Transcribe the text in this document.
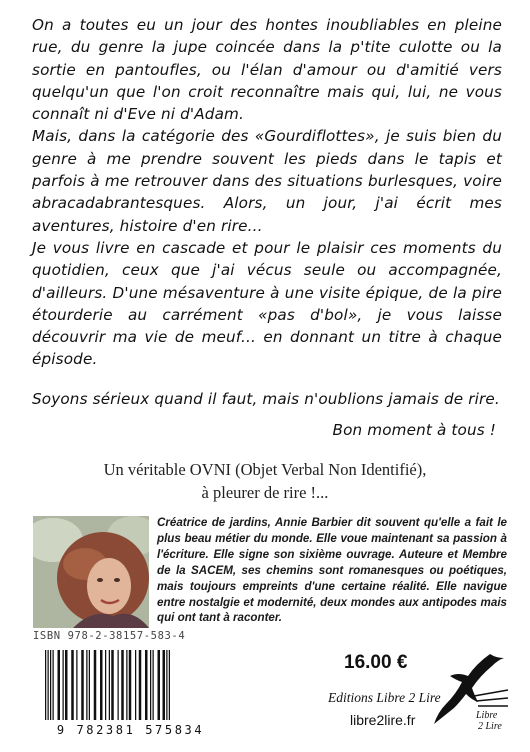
On a toutes eu un jour des hontes inoubliables en pleine rue, du genre la jupe coincée dans la p'tite culotte ou la sortie en pantoufles, ou l'élan d'amour ou d'amitié vers quelqu'un que l'on croit reconnaître mais qui, lui, ne vous connaît ni d'Eve ni d'Adam.

Mais, dans la catégorie des «Gourdiflottes», je suis bien du genre à me prendre souvent les pieds dans le tapis et parfois à me retrouver dans des situations burlesques, voire abracadabrantesques. Alors, un jour, j'ai écrit mes aventures, histoire d'en rire...

Je vous livre en cascade et pour le plaisir ces moments du quotidien, ceux que j'ai vécus seule ou accompagnée, d'ailleurs. D'une mésaventure à une visite épique, de la pire étourderie au carrément «pas d'bol», je vous laisse découvrir ma vie de meuf... en donnant un titre à chaque épisode.

Soyons sérieux quand il faut, mais n'oublions jamais de rire.

Bon moment à tous !

Un véritable OVNI (Objet Verbal Non Identifié),
à pleurer de rire !...
Créatrice de jardins, Annie Barbier dit souvent qu'elle a fait le plus beau métier du monde. Elle voue maintenant sa passion à l'écriture. Elle signe son sixième ouvrage. Auteure et Membre de la SACEM, ses chemins sont romanesques ou poétiques, mais toujours empreints d'une certaine réalité. Elle navigue entre nostalgie et modernité, deux mondes aux antipodes mais qui ont tant à raconter.
ISBN 978-2-38157-583-4
9 782381 575834
16.00 €
Editions Libre 2 Lire
libre2lire.fr	Libre
2 Lire
